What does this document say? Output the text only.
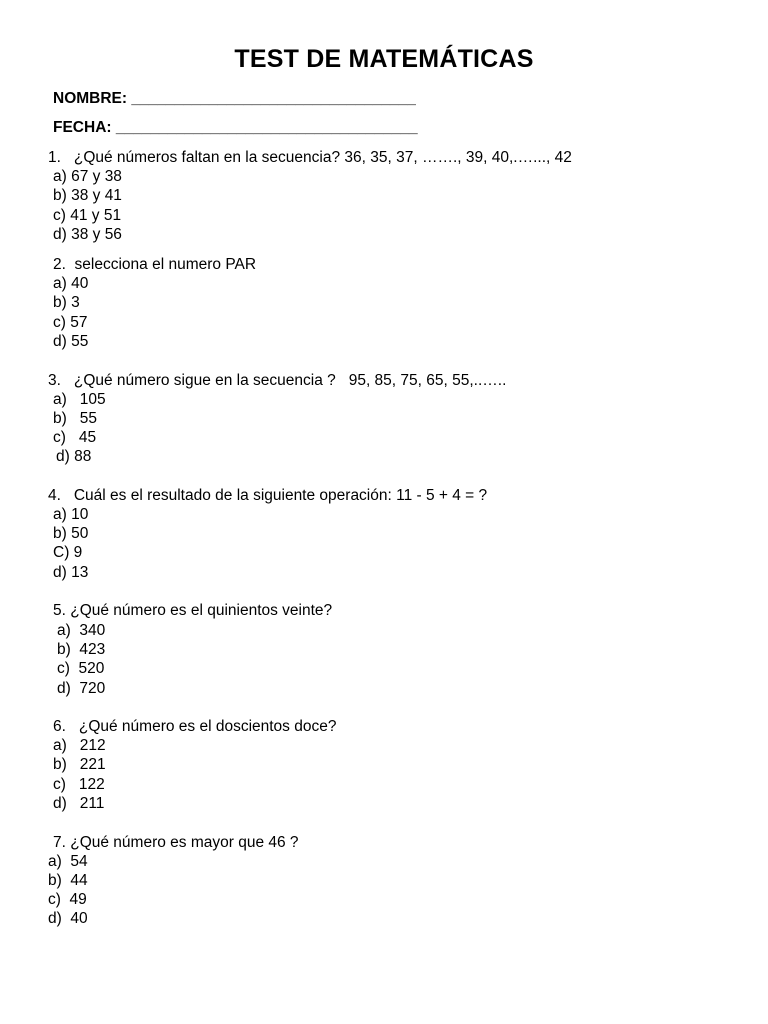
TEST DE MATEMÁTICAS
NOMBRE: _________________________________
FECHA: ___________________________________
1.   ¿Qué números faltan en la secuencia? 36, 35, 37, ……., 39, 40,.…..., 42
a) 67 y 38
b) 38 y 41
c) 41 y 51
d) 38 y 56
2.  selecciona el numero PAR
a) 40
b) 3
c) 57
d) 55
3.   ¿Qué número sigue en la secuencia ?   95, 85, 75, 65, 55,..…..
a)   105
b)   55
c)   45
d) 88
4.   Cuál es el resultado de la siguiente operación: 11 - 5 + 4 = ?
a) 10
b) 50
C) 9
d) 13
5. ¿Qué número es el quinientos veinte?
a)  340
b)  423
c)  520
d)  720
6.   ¿Qué número es el doscientos doce?
a)   212
b)   221
c)   122
d)   211
7. ¿Qué número es mayor que 46 ?
a)  54
b)  44
c)  49
d)  40
